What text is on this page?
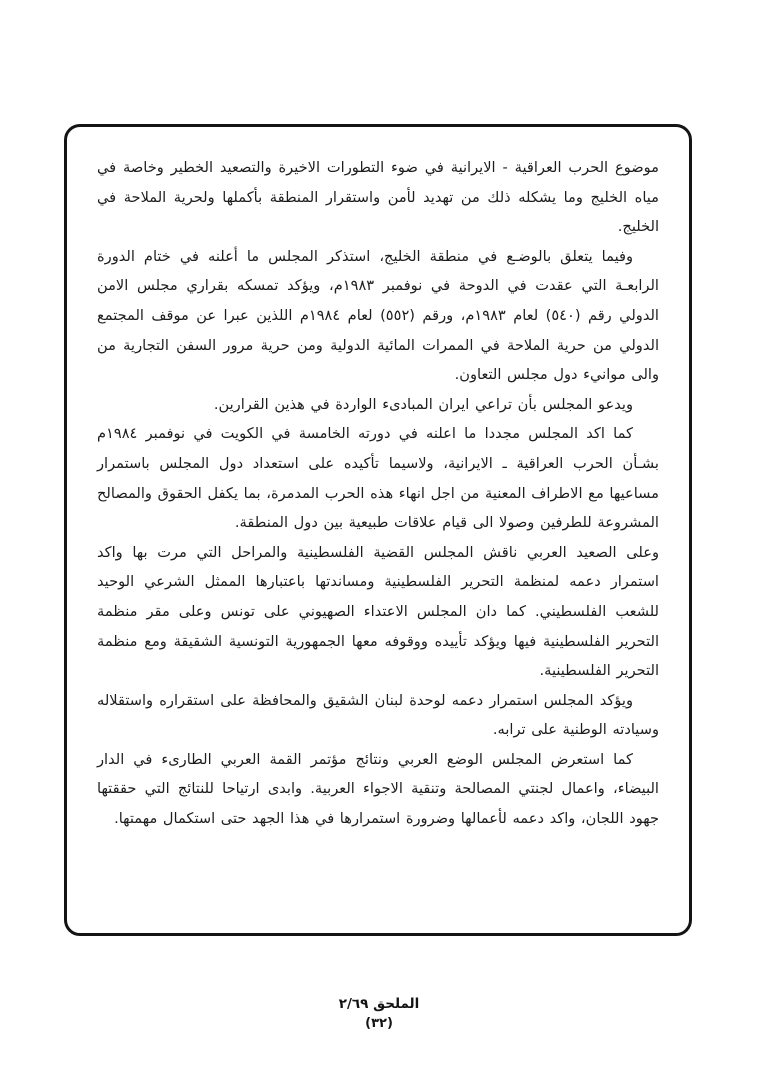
موضوع الحرب العراقية - الايرانية في ضوء التطورات الاخيرة والتصعيد الخطير وخاصة في مياه الخليج وما يشكله ذلك من تهديد لأمن واستقرار المنطقة بأكملها ولحرية الملاحة في الخليج.
وفيما يتعلق بالوضـع في منطقة الخليج، استذكر المجلس ما أعلنه في ختام الدورة الرابعـة التي عقدت في الدوحة في نوفمبر ١٩٨٣م، ويؤكد تمسكه بقراري مجلس الامن الدولي رقم (٥٤٠) لعام ١٩٨٣م، ورقم (٥٥٢) لعام ١٩٨٤م اللذين عبرا عن موقف المجتمع الدولي من حرية الملاحة في الممرات المائية الدولية ومن حرية مرور السفن التجارية من والى موانيء دول مجلس التعاون.
ويدعو المجلس بأن تراعي ايران المبادىء الواردة في هذين القرارين.
كما اكد المجلس مجددا ما اعلنه في دورته الخامسة في الكويت في نوفمبر ١٩٨٤م بشـأن الحرب العراقية ـ الايرانية، ولاسيما تأكيده على استعداد دول المجلس باستمرار مساعيها مع الاطراف المعنية من اجل انهاء هذه الحرب المدمرة، بما يكفل الحقوق والمصالح المشروعة للطرفين وصولا الى قيام علاقات طبيعية بين دول المنطقة.
وعلى الصعيد العربي ناقش المجلس القضية الفلسطينية والمراحل التي مرت بها واكد استمرار دعمه لمنظمة التحرير الفلسطينية ومساندتها باعتبارها الممثل الشرعي الوحيد للشعب الفلسطيني. كما دان المجلس الاعتداء الصهيوني على تونس وعلى مقر منظمة التحرير الفلسطينية فيها ويؤكد تأييده ووقوفه معها الجمهورية التونسية الشقيقة ومع منظمة التحرير الفلسطينية.
ويؤكد المجلس استمرار دعمه لوحدة لبنان الشقيق والمحافظة على استقراره واستقلاله وسيادته الوطنية على ترابه.
كما استعرض المجلس الوضع العربي ونتائج مؤتمر القمة العربي الطارىء في الدار البيضاء، واعمال لجنتي المصالحة وتنقية الاجواء العربية. وابدى ارتياحا للنتائج التي حققتها جهود اللجان، واكد دعمه لأعمالها وضرورة استمرارها في هذا الجهد حتى استكمال مهمتها.
الملحق ٢/٦٩
(٣٢)
